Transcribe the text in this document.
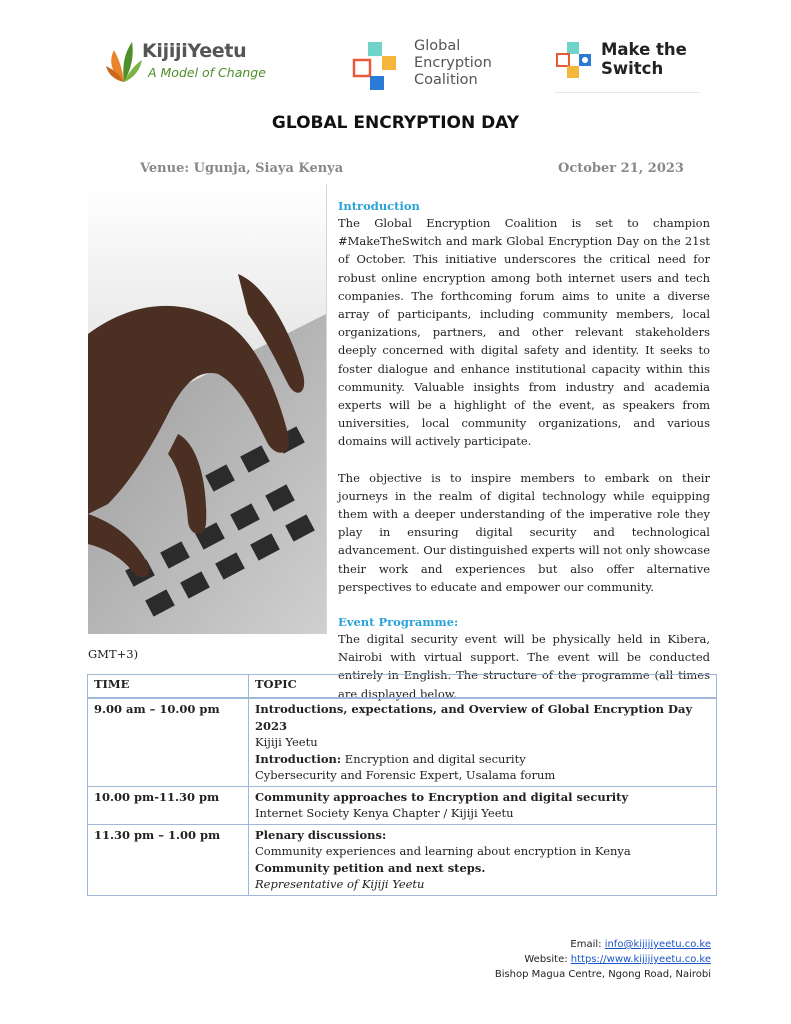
KijijiYeetu
A Model of Change
Global
Encryption
Coalition
Make the
Switch
GLOBAL ENCRYPTION DAY
Venue: Ugunja, Siaya Kenya	October 21, 2023
Introduction

The Global Encryption Coalition is set to champion #MakeTheSwitch and mark Global Encryption Day on the 21st of October. This initiative underscores the critical need for robust online encryption among both internet users and tech companies. The forthcoming forum aims to unite a diverse array of participants, including community members, local organizations, partners, and other relevant stakeholders deeply concerned with digital safety and identity. It seeks to foster dialogue and enhance institutional capacity within this community. Valuable insights from industry and academia experts will be a highlight of the event, as speakers from universities, local community organizations, and various domains will actively participate.

The objective is to inspire members to embark on their journeys in the realm of digital technology while equipping them with a deeper understanding of the imperative role they play in ensuring digital security and technological advancement. Our distinguished experts will not only showcase their work and experiences but also offer alternative perspectives to educate and empower our community.

Event Programme:

The digital security event will be physically held in Kibera, Nairobi with virtual support. The event will be conducted entirely in English. The structure of the programme (all times are displayed below,

GMT+3)
TIME	TOPIC
9.00 am – 10.00 pm	Introductions, expectations, and Overview of Global Encryption Day 2023
Kijiji Yeetu
Introduction: Encryption and digital security
Cybersecurity and Forensic Expert, Usalama forum

10.00 pm-11.30 pm	Community approaches to Encryption and digital security
Internet Society Kenya Chapter / Kijiji Yeetu

11.30 pm – 1.00 pm	Plenary discussions:
Community experiences and learning about encryption in Kenya
Community petition and next steps.
Representative of Kijiji Yeetu
Email: info@kijijiyeetu.co.ke
Website: https://www.kijijiyeetu.co.ke
Bishop Magua Centre, Ngong Road, Nairobi
